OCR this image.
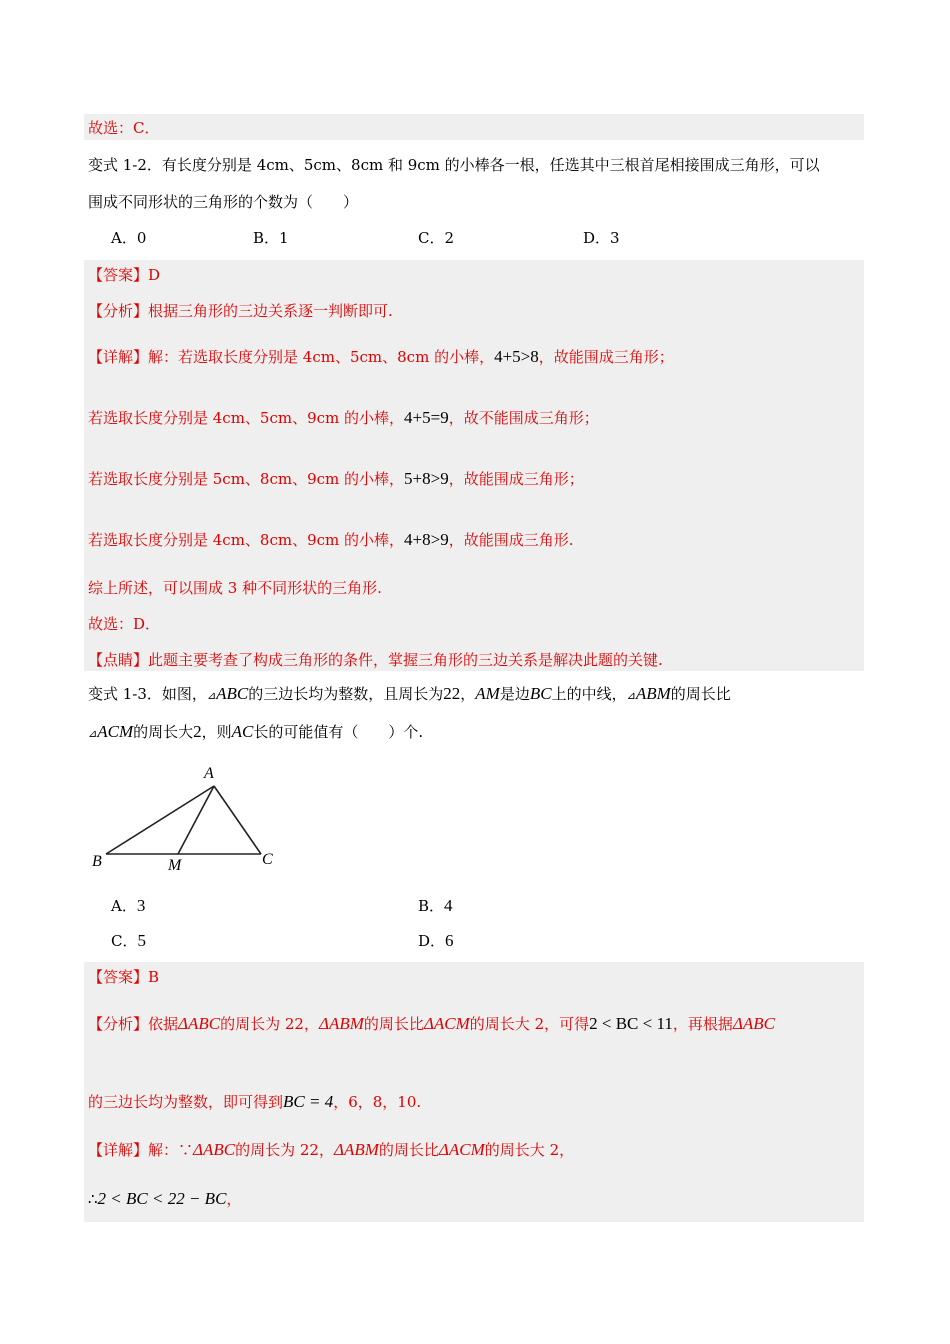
故选：C．
变式 1-2．有长度分别是 4cm、5cm、8cm 和 9cm 的小棒各一根，任选其中三根首尾相接围成三角形，可以
围成不同形状的三角形的个数为（　　）
A．0	B．1	C．2	D．3
【答案】D
【分析】根据三角形的三边关系逐一判断即可.
【详解】解：若选取长度分别是 4cm、5cm、8cm 的小棒，4+5>8，故能围成三角形；
若选取长度分别是 4cm、5cm、9cm 的小棒，4+5=9，故不能围成三角形；
若选取长度分别是 5cm、8cm、9cm 的小棒，5+8>9，故能围成三角形；
若选取长度分别是 4cm、8cm、9cm 的小棒，4+8>9，故能围成三角形.
综上所述，可以围成 3 种不同形状的三角形.
故选：D．
【点睛】此题主要考查了构成三角形的条件，掌握三角形的三边关系是解决此题的关键.
变式 1-3．如图，⊿ABC的三边长均为整数，且周长为22，AM是边BC上的中线，⊿ABM的周长比
⊿ACM的周长大2，则AC长的可能值有（　　）个.
A
B	M	C
A．3	B．4
C．5	D．6
【答案】B
【分析】依据ΔABC的周长为 22，ΔABM的周长比ΔACM的周长大 2，可得2 < BC < 11，再根据ΔABC
的三边长均为整数，即可得到BC = 4，6，8，10.
【详解】解：∵ΔABC的周长为 22，ΔABM的周长比ΔACM的周长大 2，
∴2 < BC < 22 − BC，
